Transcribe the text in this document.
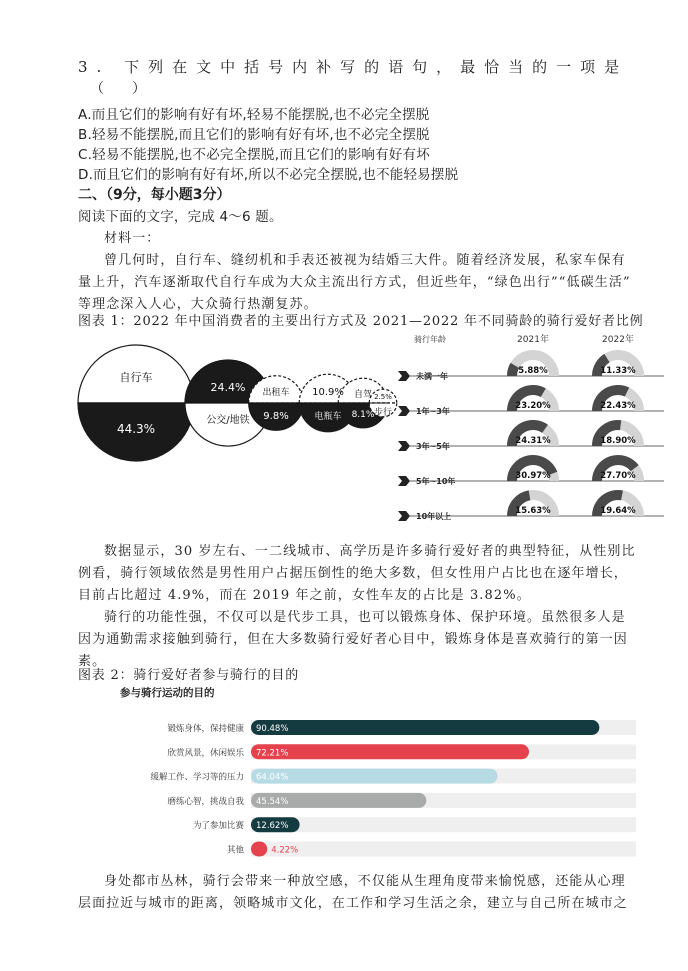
3. 下列在文中括号内补写的语句，最恰当的一项是
（　　）
A.而且它们的影响有好有坏,轻易不能摆脱,也不必完全摆脱
B.轻易不能摆脱,而且它们的影响有好有坏,也不必完全摆脱
C.轻易不能摆脱,也不必完全摆脱,而且它们的影响有好有坏
D.而且它们的影响有好有坏,所以不必完全摆脱,也不能轻易摆脱
二、（9分，每小题3分）
阅读下面的文字，完成 4～6 题。
材料一：
曾几何时，自行车、缝纫机和手表还被视为结婚三大件。随着经济发展，私家车保有
量上升，汽车逐渐取代自行车成为大众主流出行方式，但近些年，“绿色出行”“低碳生活”
等理念深入人心，大众骑行热潮复苏。
图表 1：2022 年中国消费者的主要出行方式及 2021—2022 年不同骑龄的骑行爱好者比例
自行车
44.3%
24.4%
公交/地铁
出租车
9.8%
10.9%
电瓶车
自驾
8.1%
2.5%
步行
骑行年龄	2021年	2022年
未满一年
5.88%	11.33%
1年~3年
23.20%	22.43%
3年~5年
24.31%	18.90%
5年~10年
30.97%	27.70%
10年以上
15.63%	19.64%
数据显示，30 岁左右、一二线城市、高学历是许多骑行爱好者的典型特征，从性别比
例看，骑行领域依然是男性用户占据压倒性的绝大多数，但女性用户占比也在逐年增长，
目前占比超过 4.9%，而在 2019 年之前，女性车友的占比是 3.82%。
骑行的功能性强，不仅可以是代步工具，也可以锻炼身体、保护环境。虽然很多人是
因为通勤需求接触到骑行，但在大多数骑行爱好者心目中，锻炼身体是喜欢骑行的第一因
素。
图表 2：骑行爱好者参与骑行的目的
参与骑行运动的目的
锻炼身体，保持健康 90.48%
欣赏风景，休闲娱乐 72.21%
缓解工作、学习等的压力 64.04%
磨练心智，挑战自我 45.54%
为了参加比赛 12.62%
其他	4.22%
身处都市丛林，骑行会带来一种放空感，不仅能从生理角度带来愉悦感，还能从心理
层面拉近与城市的距离，领略城市文化，在工作和学习生活之余，建立与自己所在城市之
